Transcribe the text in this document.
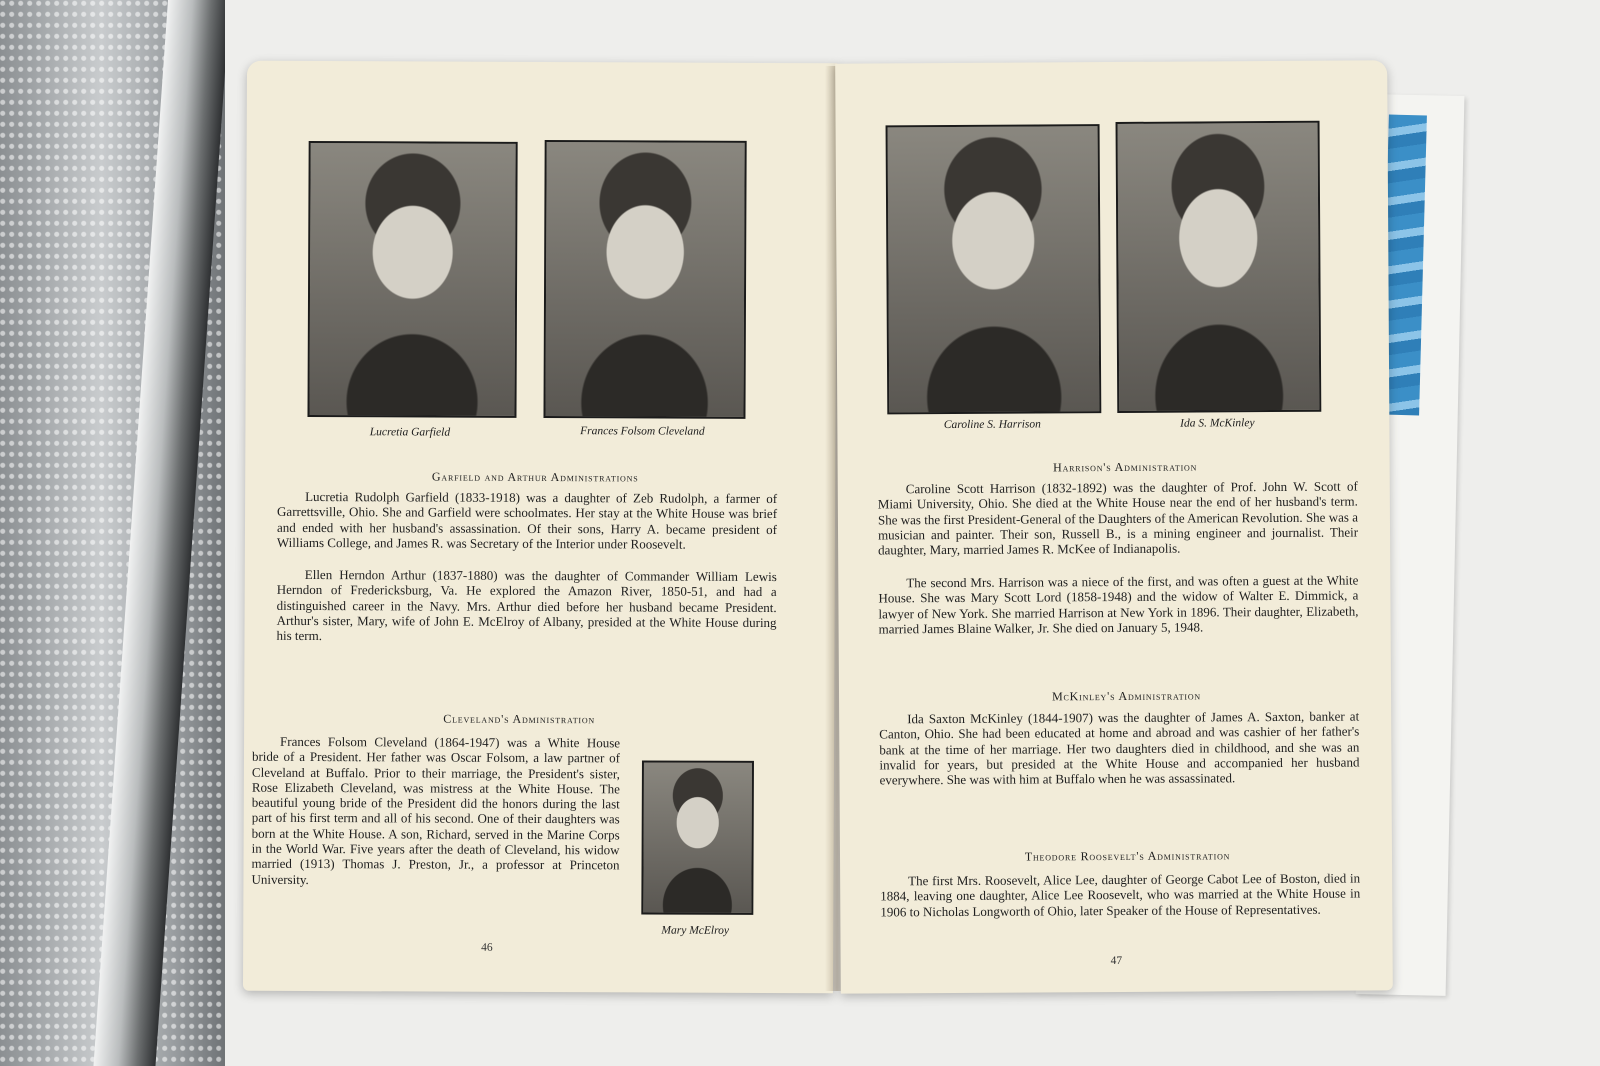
Lucretia Garfield	Frances Folsom Cleveland
Garfield and Arthur Administrations

Lucretia Rudolph Garfield (1833-1918) was a daughter of Zeb Rudolph, a farmer of Garrettsville, Ohio. She and Garfield were schoolmates. Her stay at the White House was brief and ended with her husband's assassination. Of their sons, Harry A. became president of Williams College, and James R. was Secretary of the Interior under Roosevelt.

Ellen Herndon Arthur (1837-1880) was the daughter of Commander William Lewis Herndon of Fredericksburg, Va. He explored the Amazon River, 1850-51, and had a distinguished career in the Navy. Mrs. Arthur died before her husband became President. Arthur's sister, Mary, wife of John E. McElroy of Albany, presided at the White House during his term.

Cleveland's Administration

Frances Folsom Cleveland (1864-1947) was a White House bride of a President. Her father was Oscar Folsom, a law partner of Cleveland at Buffalo. Prior to their marriage, the President's sister, Rose Elizabeth Cleveland, was mistress at the White House. The beautiful young bride of the President did the honors during the last part of his first term and all of his second. One of their daughters was born at the White House. A son, Richard, served in the Marine Corps in the World War. Five years after the death of Cleveland, his widow married (1913) Thomas J. Preston, Jr., a professor at Princeton University.

Mary McElroy
46
Caroline S. Harrison	Ida S. McKinley
Harrison's Administration

Caroline Scott Harrison (1832-1892) was the daughter of Prof. John W. Scott of Miami University, Ohio. She died at the White House near the end of her husband's term. She was the first President-General of the Daughters of the American Revolution. She was a musician and painter. Their son, Russell B., is a mining engineer and journalist. Their daughter, Mary, married James R. McKee of Indianapolis.

The second Mrs. Harrison was a niece of the first, and was often a guest at the White House. She was Mary Scott Lord (1858-1948) and the widow of Walter E. Dimmick, a lawyer of New York. She married Harrison at New York in 1896. Their daughter, Elizabeth, married James Blaine Walker, Jr. She died on January 5, 1948.

McKinley's Administration

Ida Saxton McKinley (1844-1907) was the daughter of James A. Saxton, banker at Canton, Ohio. She had been educated at home and abroad and was cashier of her father's bank at the time of her marriage. Her two daughters died in childhood, and she was an invalid for years, but presided at the White House and accompanied her husband everywhere. She was with him at Buffalo when he was assassinated.

Theodore Roosevelt's Administration

The first Mrs. Roosevelt, Alice Lee, daughter of George Cabot Lee of Boston, died in 1884, leaving one daughter, Alice Lee Roosevelt, who was married at the White House in 1906 to Nicholas Longworth of Ohio, later Speaker of the House of Representatives.

47
